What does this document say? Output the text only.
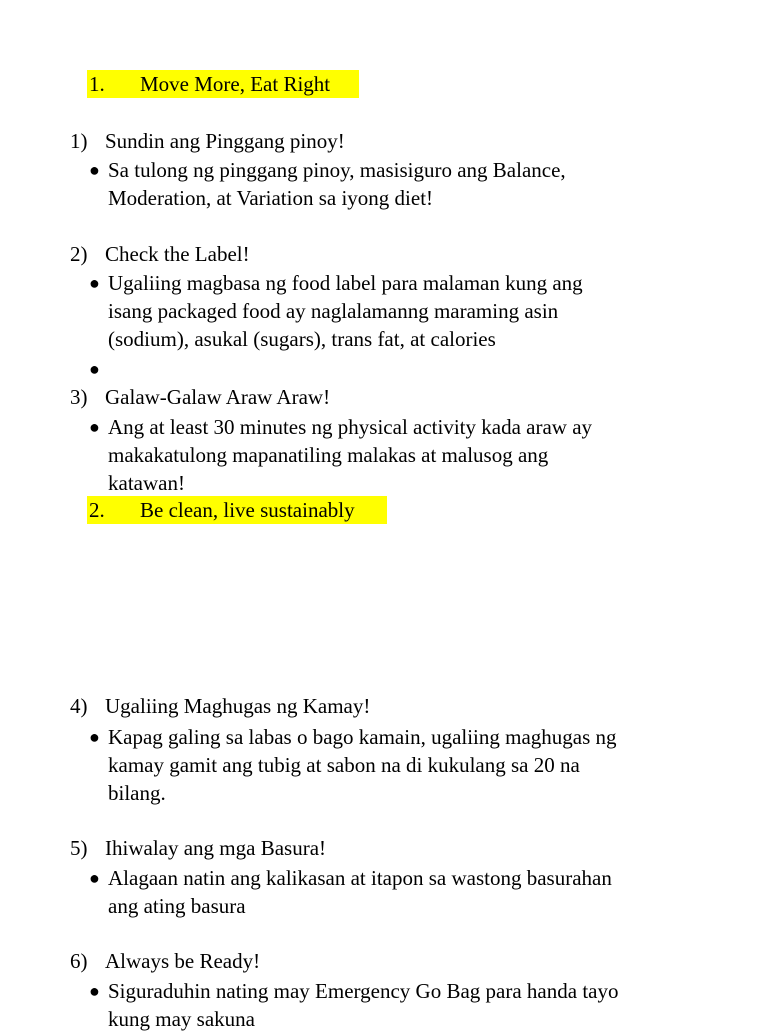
1. Move More, Eat Right
1) Sundin ang Pinggang pinoy!
● Sa tulong ng pinggang pinoy, masisiguro ang Balance,
Moderation, at Variation sa iyong diet!
2) Check the Label!
● Ugaliing magbasa ng food label para malaman kung ang
isang packaged food ay naglalamanng maraming asin
(sodium), asukal (sugars), trans fat, at calories
●
3) Galaw-Galaw Araw Araw!
● Ang at least 30 minutes ng physical activity kada araw ay
makakatulong mapanatiling malakas at malusog ang
katawan!
2. Be clean, live sustainably
4) Ugaliing Maghugas ng Kamay!
● Kapag galing sa labas o bago kamain, ugaliing maghugas ng
kamay gamit ang tubig at sabon na di kukulang sa 20 na
bilang.
5) Ihiwalay ang mga Basura!
● Alagaan natin ang kalikasan at itapon sa wastong basurahan
ang ating basura
6) Always be Ready!
● Siguraduhin nating may Emergency Go Bag para handa tayo
kung may sakuna
